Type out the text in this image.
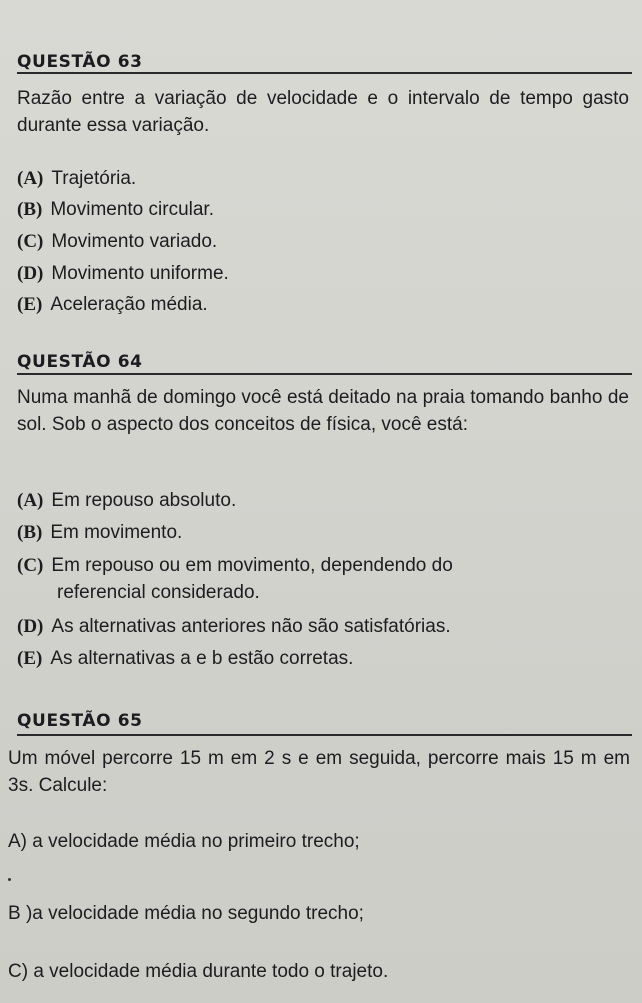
QUESTÃO 63
Razão entre a variação de velocidade e o intervalo de tempo gasto durante essa variação.
(A) Trajetória.
(B) Movimento circular.
(C) Movimento variado.
(D) Movimento uniforme.
(E) Aceleração média.
QUESTÃO 64
Numa manhã de domingo você está deitado na praia tomando banho de sol. Sob o aspecto dos conceitos de física, você está:
(A) Em repouso absoluto.
(B) Em movimento.
(C) Em repouso ou em movimento, dependendo do
referencial considerado.
(D) As alternativas anteriores não são satisfatórias.
(E) As alternativas a e b estão corretas.
QUESTÃO 65
Um móvel percorre 15 m em 2 s e em seguida, percorre mais 15 m em 3s. Calcule:
A) a velocidade média no primeiro trecho;
B )a velocidade média no segundo trecho;
C) a velocidade média durante todo o trajeto.
